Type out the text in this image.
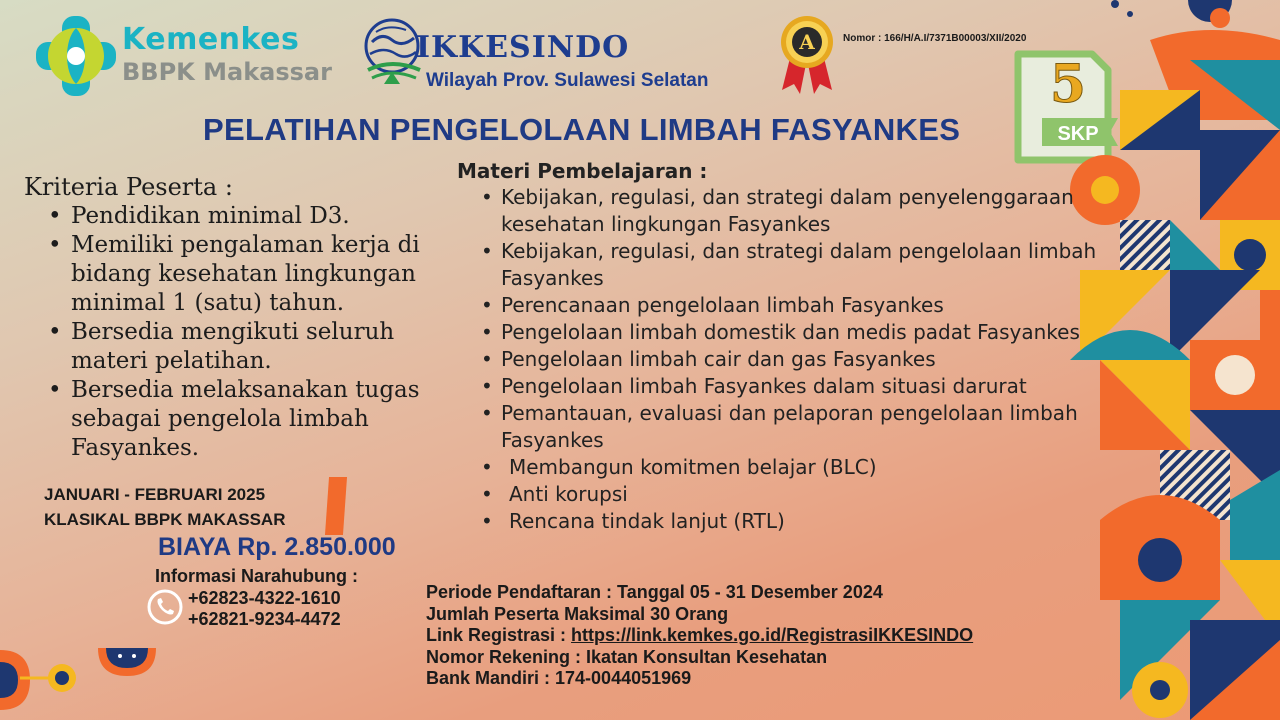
Kemenkes
BBPK Makassar
IKKESINDO
Wilayah Prov. Sulawesi Selatan
A	Nomor : 166/H/A.I/7371B00003/XII/2020
5
SKP
PELATIHAN PENGELOLAAN LIMBAH FASYANKES
Kriteria Peserta :
• Pendidikan minimal D3.
• Memiliki pengalaman kerja di bidang kesehatan lingkungan minimal 1 (satu) tahun.
• Bersedia mengikuti seluruh materi pelatihan.
• Bersedia melaksanakan tugas sebagai pengelola limbah Fasyankes.
Materi Pembelajaran :
• Kebijakan, regulasi, dan strategi dalam penyelenggaraan kesehatan lingkungan Fasyankes
• Kebijakan, regulasi, dan strategi dalam pengelolaan limbah Fasyankes
• Perencanaan pengelolaan limbah Fasyankes
• Pengelolaan limbah domestik dan medis padat Fasyankes
• Pengelolaan limbah cair dan gas Fasyankes
• Pengelolaan limbah Fasyankes dalam situasi darurat
• Pemantauan, evaluasi dan pelaporan pengelolaan limbah Fasyankes
• Membangun komitmen belajar (BLC)
• Anti korupsi
• Rencana tindak lanjut (RTL)
JANUARI - FEBRUARI 2025
KLASIKAL BBPK MAKASSAR
BIAYA Rp. 2.850.000
Informasi Narahubung :
+62823-4322-1610
+62821-9234-4472
Periode Pendaftaran : Tanggal 05 - 31 Desember 2024
Jumlah Peserta Maksimal 30 Orang
Link Registrasi : https://link.kemkes.go.id/RegistrasiIKKESINDO
Nomor Rekening : Ikatan Konsultan Kesehatan
Bank Mandiri : 174-0044051969
